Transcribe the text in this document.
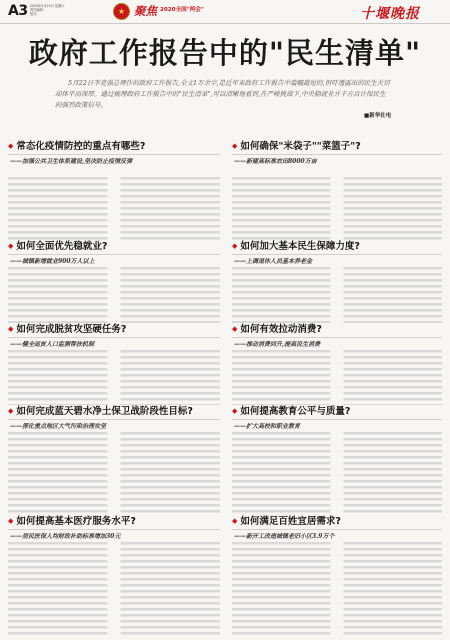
A3 2020年5月23日 星期六
责任编辑:
版式:	★ 聚焦 2020全国"两会"	十堰晚报
政府工作报告中的"民生清单"

5月22日李克强总理作的政府工作报告,全文1万余字,是近年来政府工作报告中篇幅最短的,但吁透露出的民生关切却体平而深厚。通过梳理政府工作报告中的"民生清单",可以清晰地看到,在严峻挑战下,中央稳就业并千方百计保民生的强烈政策信号。

■新华社电
◆ 常态化疫情防控的重点有哪些?
——加强公共卫生体系建设,坚决防止疫情反弹
◆ 如何确保"米袋子""菜篮子"?
——新建高标准农田8000万亩
◆ 如何全面优先稳就业?
——城镇新增就业900万人以上
◆ 如何加大基本民生保障力度?
——上调退休人员基本养老金
◆ 如何完成脱贫攻坚硬任务?
——健全返贫人口监测帮扶机制
◆ 如何有效拉动消费?
——推动消费回升,提高民生消费
◆ 如何完成蓝天碧水净土保卫战阶段性目标?
——深化重点地区大气污染治理攻坚
◆ 如何提高教育公平与质量?
——扩大高校和职业教育
◆ 如何提高基本医疗服务水平?
——居民医保人均财政补助标准增加30元
◆ 如何满足百姓宜居需求?
——新开工改造城镇老旧小区3.9万个
